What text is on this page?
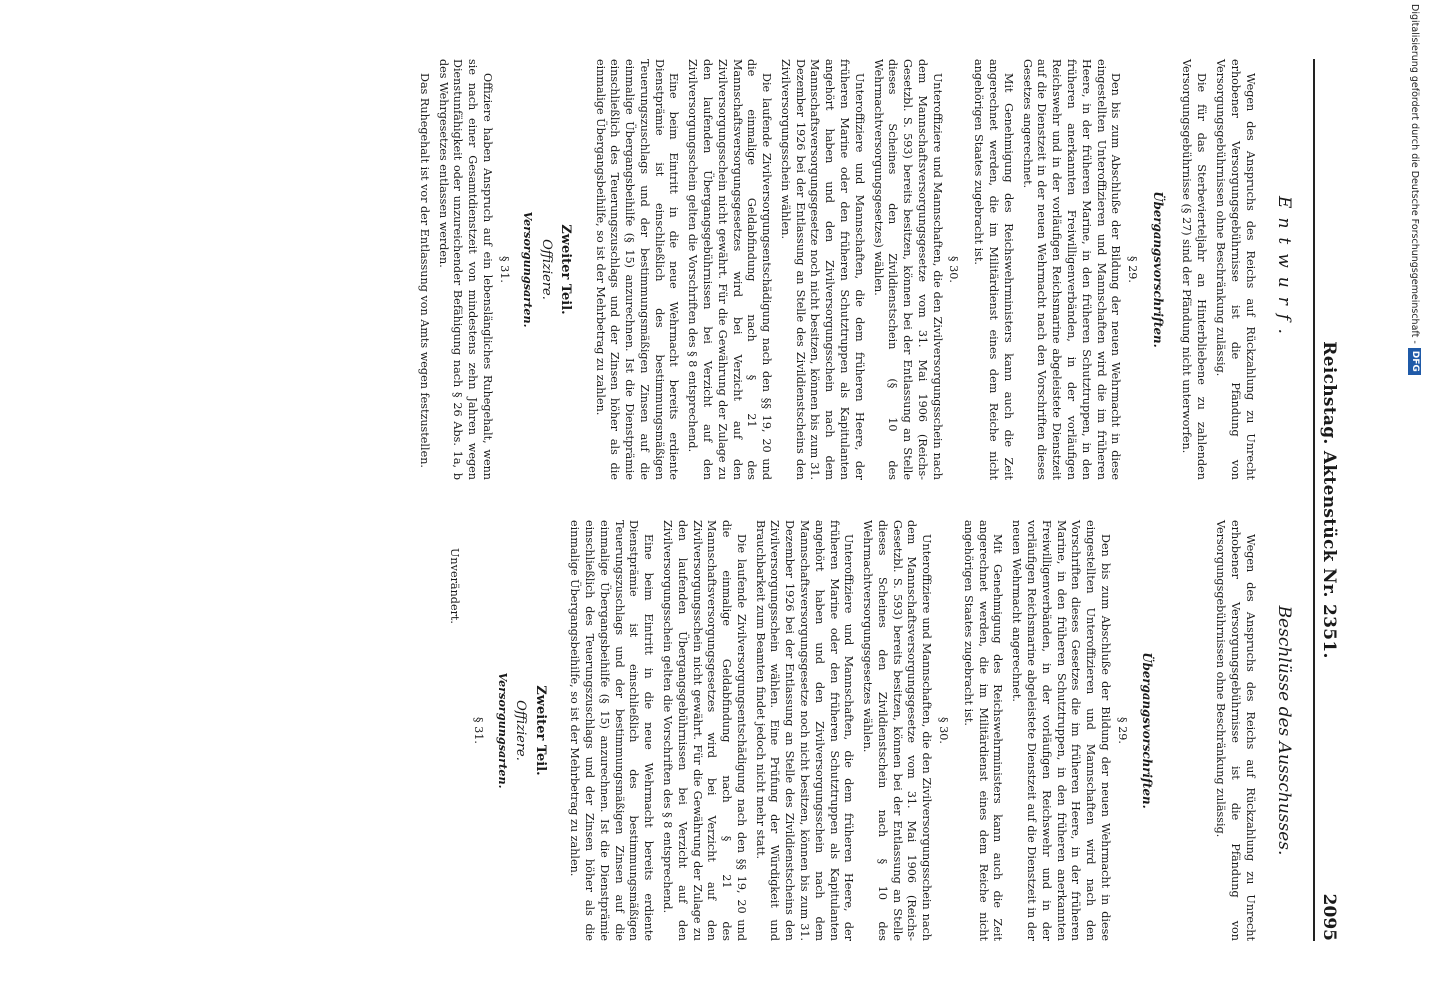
Reichstag. Aktenstück Nr. 2351.
2095
Entwurf.

Wegen des Anspruchs des Reichs auf Rückzahlung zu Unrecht erhobener Versorgungsgebührnisse ist die Pfändung von Versorgungsgebührnissen ohne Beschränkung zulässig.

Die für das Sterbevierteljahr an Hinterbliebene zu zahlenden Versorgungsgebührnisse (§ 27) sind der Pfändung nicht unterworfen.

Übergangsvorschriften.
§ 29.

Den bis zum Abschluße der Bildung der neuen Wehrmacht in diese eingestellten Unteroffizieren und Mannschaften wird die im früheren Heere, in der früheren Marine, in den früheren Schutztruppen, in den früheren anerkannten Freiwilligenverbänden, in der vorläufigen Reichswehr und in der vorläufigen Reichsmarine abgeleistete Dienstzeit auf die Dienstzeit in der neuen Wehrmacht nach den Vorschriften dieses Gesetzes angerechnet.

Mit Genehmigung des Reichswehrministers kann auch die Zeit angerechnet werden, die im Militärdienst eines dem Reiche nicht angehörigen Staates zugebracht ist.

§ 30.

Unteroffiziere und Mannschaften, die den Zivilversorgungsschein nach dem Mannschaftsversorgungsgesetze vom 31. Mai 1906 (Reichs-Gesetzbl. S. 593) bereits besitzen, können bei der Entlassung an Stelle dieses Scheines den Zivildienstschein (§ 10 des Wehrmachtversorgungsgesetzes) wählen.

Unteroffiziere und Mannschaften, die dem früheren Heere, der früheren Marine oder den früheren Schutztruppen als Kapitulanten angehört haben und den Zivilversorgungsschein nach dem Mannschaftsversorgungsgesetze noch nicht besitzen, können bis zum 31. Dezember 1926 bei der Entlassung an Stelle des Zivildienstscheins den Zivilversorgungsschein wählen.

Die laufende Zivilversorgungsentschädigung nach den §§ 19, 20 und die einmalige Geldabfindung nach § 21 des Mannschaftsversorgungsgesetzes wird bei Verzicht auf den Zivilversorgungsschein nicht gewährt. Für die Gewährung der Zulage zu den laufenden Übergangsgebührnissen bei Verzicht auf den Zivilversorgungsschein gelten die Vorschriften des § 8 entsprechend.

Eine beim Eintritt in die neue Wehrmacht bereits erdiente Dienstprämie ist einschließlich des bestimmungsmäßigen Teuerungszuschlags und der bestimmungsmäßigen Zinsen auf die einmalige Übergangsbeihilfe (§ 15) anzurechnen. Ist die Dienstprämie einschließlich des Teuerungszuschlags und der Zinsen höher als die einmalige Übergangsbeihilfe, so ist der Mehrbetrag zu zahlen.

Zweiter Teil.
Offiziere.
Versorgungsarten.
§ 31.

Offiziere haben Anspruch auf ein lebenslängliches Ruhegehalt, wenn sie nach einer Gesamtdienstzeit von mindestens zehn Jahren wegen Dienstunfähigkeit oder unzureichender Befähigung nach § 26 Abs. 1a, b des Wehrgesetzes entlassen werden.

Das Ruhegehalt ist vor der Entlassung von Amts wegen festzustellen.

Beschlüsse des Ausschusses.

Wegen des Anspruchs des Reichs auf Rückzahlung zu Unrecht erhobener Versorgungsgebührnisse ist die Pfändung von Versorgungsgebührnissen ohne Beschränkung zulässig.

Übergangsvorschriften.
§ 29.

Den bis zum Abschluße der Bildung der neuen Wehrmacht in diese eingestellten Unteroffizieren und Mannschaften wird nach den Vorschriften dieses Gesetzes die im früheren Heere, in der früheren Marine, in den früheren Schutztruppen, in den früheren anerkannten Freiwilligenverbänden, in der vorläufigen Reichswehr und in der vorläufigen Reichsmarine abgeleistete Dienstzeit auf die Dienstzeit in der neuen Wehrmacht angerechnet.

Mit Genehmigung des Reichswehrministers kann auch die Zeit angerechnet werden, die im Militärdienst eines dem Reiche nicht angehörigen Staates zugebracht ist.

§ 30.

Unteroffiziere und Mannschaften, die den Zivilversorgungsschein nach dem Mannschaftsversorgungsgesetze vom 31. Mai 1906 (Reichs-Gesetzbl. S. 593) bereits besitzen, können bei der Entlassung an Stelle dieses Scheines den Zivildienstschein nach § 10 des Wehrmachtversorgungsgesetzes wählen.

Unteroffiziere und Mannschaften, die dem früheren Heere, der früheren Marine oder den früheren Schutztruppen als Kapitulanten angehört haben und den Zivilversorgungsschein nach dem Mannschaftsversorgungsgesetze noch nicht besitzen, können bis zum 31. Dezember 1926 bei der Entlassung an Stelle des Zivildienstscheins den Zivilversorgungsschein wählen. Eine Prüfung der Würdigkeit und Brauchbarkeit zum Beamten findet jedoch nicht mehr statt.

Die laufende Zivilversorgungsentschädigung nach den §§ 19, 20 und die einmalige Geldabfindung nach § 21 des Mannschaftsversorgungsgesetzes wird bei Verzicht auf den Zivilversorgungsschein nicht gewährt. Für die Gewährung der Zulage zu den laufenden Übergangsgebührnissen bei Verzicht auf den Zivilversorgungsschein gelten die Vorschriften des § 8 entsprechend.

Eine beim Eintritt in die neue Wehrmacht bereits erdiente Dienstprämie ist einschließlich des bestimmungsmäßigen Teuerungszuschlags und der bestimmungsmäßigen Zinsen auf die einmalige Übergangsbeihilfe (§ 15) anzurechnen. Ist die Dienstprämie einschließlich des Teuerungszuschlags und der Zinsen höher als die einmalige Übergangsbeihilfe, so ist der Mehrbetrag zu zahlen.

Zweiter Teil.
Offiziere.
Versorgungsarten.
§ 31.

Unverändert.

Digitalisierung gefördert durch die Deutsche Forschungsgemeinschaft -
DFG
